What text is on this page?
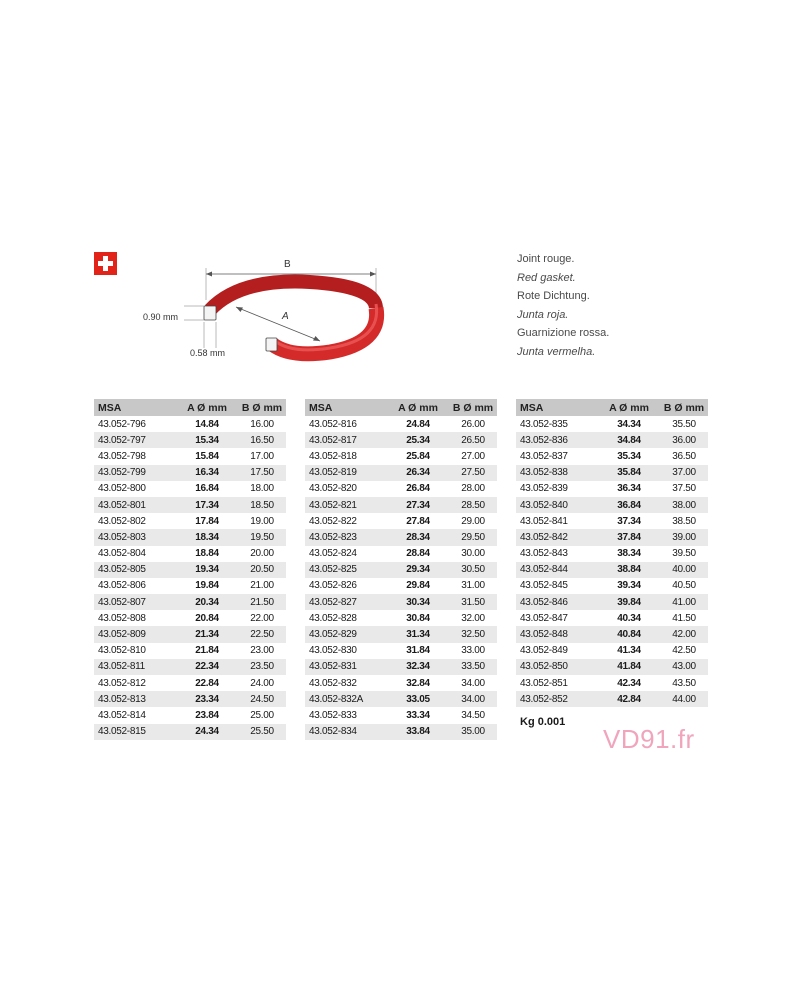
B
A
0.90 mm
0.58 mm
Joint rouge.
Red gasket.
Rote Dichtung.
Junta roja.
Guarnizione rossa.
Junta vermelha.
MSA	A Ø mm	B Ø mm
43.052-796	14.84	16.00
43.052-797	15.34	16.50
43.052-798	15.84	17.00
43.052-799	16.34	17.50
43.052-800	16.84	18.00
43.052-801	17.34	18.50
43.052-802	17.84	19.00
43.052-803	18.34	19.50
43.052-804	18.84	20.00
43.052-805	19.34	20.50
43.052-806	19.84	21.00
43.052-807	20.34	21.50
43.052-808	20.84	22.00
43.052-809	21.34	22.50
43.052-810	21.84	23.00
43.052-811	22.34	23.50
43.052-812	22.84	24.00
43.052-813	23.34	24.50
43.052-814	23.84	25.00
43.052-815	24.34	25.50
MSA	A Ø mm	B Ø mm
43.052-816	24.84	26.00
43.052-817	25.34	26.50
43.052-818	25.84	27.00
43.052-819	26.34	27.50
43.052-820	26.84	28.00
43.052-821	27.34	28.50
43.052-822	27.84	29.00
43.052-823	28.34	29.50
43.052-824	28.84	30.00
43.052-825	29.34	30.50
43.052-826	29.84	31.00
43.052-827	30.34	31.50
43.052-828	30.84	32.00
43.052-829	31.34	32.50
43.052-830	31.84	33.00
43.052-831	32.34	33.50
43.052-832	32.84	34.00
43.052-832A	33.05	34.00
43.052-833	33.34	34.50
43.052-834	33.84	35.00
MSA	A Ø mm	B Ø mm
43.052-835	34.34	35.50
43.052-836	34.84	36.00
43.052-837	35.34	36.50
43.052-838	35.84	37.00
43.052-839	36.34	37.50
43.052-840	36.84	38.00
43.052-841	37.34	38.50
43.052-842	37.84	39.00
43.052-843	38.34	39.50
43.052-844	38.84	40.00
43.052-845	39.34	40.50
43.052-846	39.84	41.00
43.052-847	40.34	41.50
43.052-848	40.84	42.00
43.052-849	41.34	42.50
43.052-850	41.84	43.00
43.052-851	42.34	43.50
43.052-852	42.84	44.00
Kg 0.001
VD91.fr
